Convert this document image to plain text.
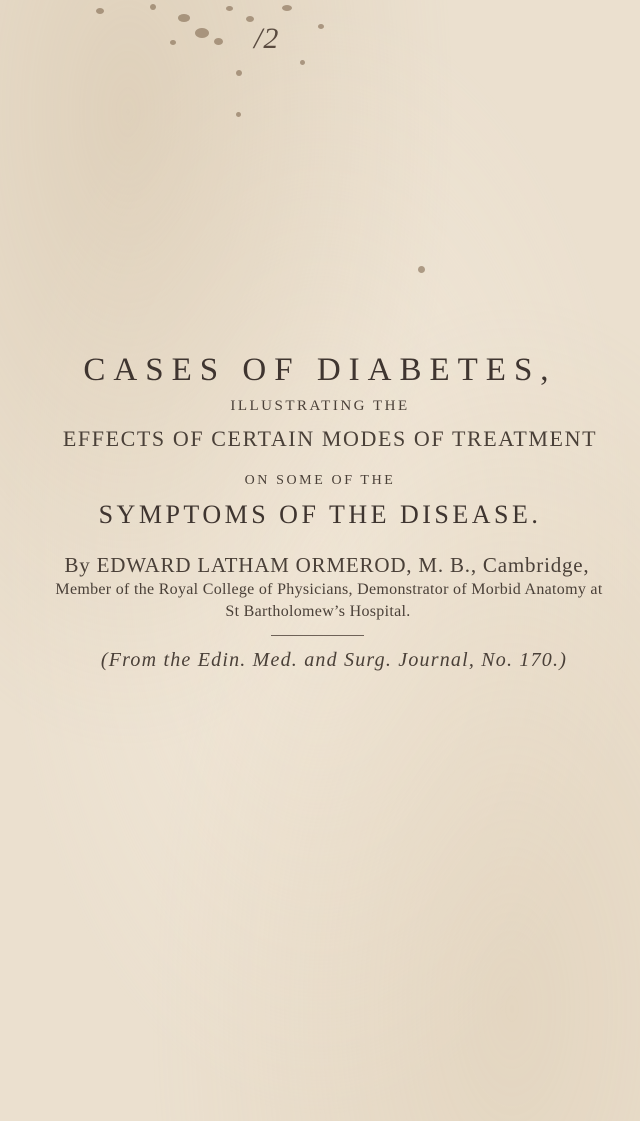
/2
CASES OF DIABETES,
ILLUSTRATING THE
EFFECTS OF CERTAIN MODES OF TREATMENT
ON SOME OF THE
SYMPTOMS OF THE DISEASE.
By EDWARD LATHAM ORMEROD, M. B., Cambridge,
Member of the Royal College of Physicians, Demonstrator of Morbid Anatomy at
St Bartholomew’s Hospital.
(From the Edin. Med. and Surg. Journal, No. 170.)
